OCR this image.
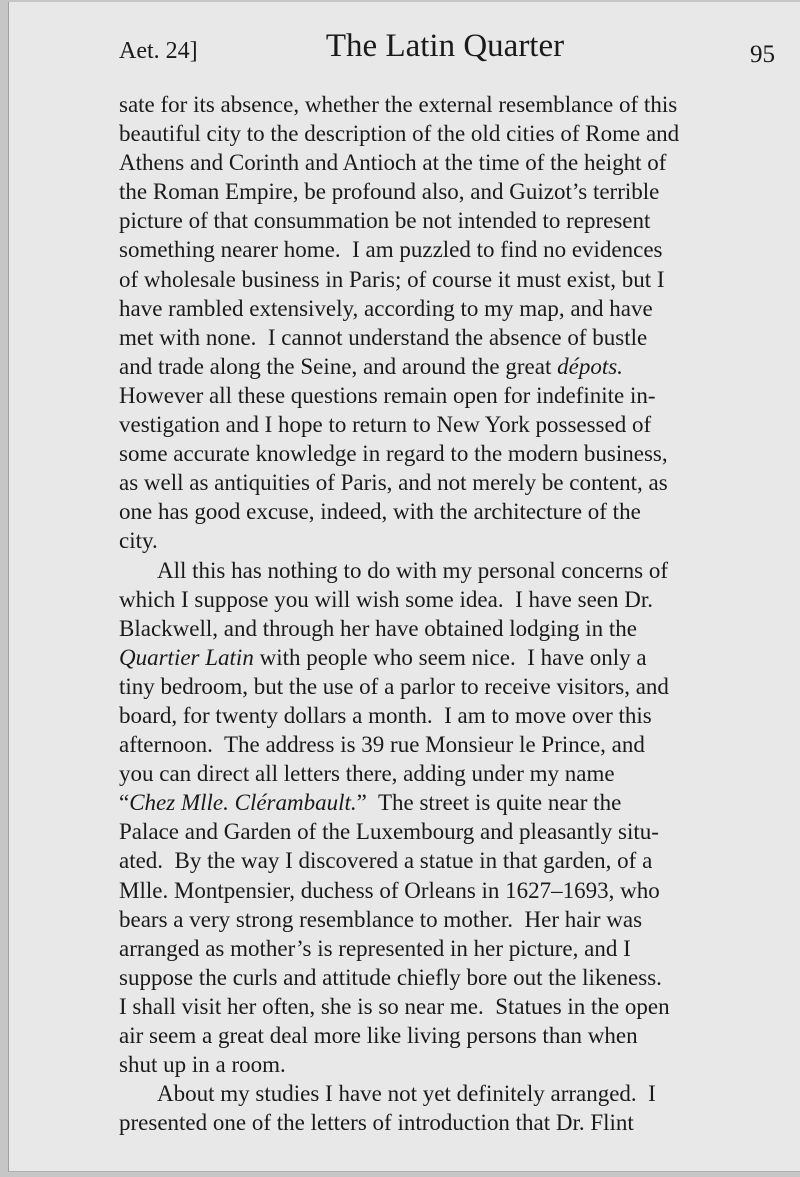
Aet. 24]	The Latin Quarter	95
sate for its absence, whether the external resemblance of this
beautiful city to the description of the old cities of Rome and
Athens and Corinth and Antioch at the time of the height of
the Roman Empire, be profound also, and Guizot’s terrible
picture of that consummation be not intended to represent
something nearer home.  I am puzzled to find no evidences
of wholesale business in Paris; of course it must exist, but I
have rambled extensively, according to my map, and have
met with none.  I cannot understand the absence of bustle
and trade along the Seine, and around the great dépots.
However all these questions remain open for indefinite in-
vestigation and I hope to return to New York possessed of
some accurate knowledge in regard to the modern business,
as well as antiquities of Paris, and not merely be content, as
one has good excuse, indeed, with the architecture of the
city.
All this has nothing to do with my personal concerns of
which I suppose you will wish some idea.  I have seen Dr.
Blackwell, and through her have obtained lodging in the
Quartier Latin with people who seem nice.  I have only a
tiny bedroom, but the use of a parlor to receive visitors, and
board, for twenty dollars a month.  I am to move over this
afternoon.  The address is 39 rue Monsieur le Prince, and
you can direct all letters there, adding under my name
“Chez Mlle. Clérambault.”  The street is quite near the
Palace and Garden of the Luxembourg and pleasantly situ-
ated.  By the way I discovered a statue in that garden, of a
Mlle. Montpensier, duchess of Orleans in 1627–1693, who
bears a very strong resemblance to mother.  Her hair was
arranged as mother’s is represented in her picture, and I
suppose the curls and attitude chiefly bore out the likeness.
I shall visit her often, she is so near me.  Statues in the open
air seem a great deal more like living persons than when
shut up in a room.
About my studies I have not yet definitely arranged.  I
presented one of the letters of introduction that Dr. Flint
